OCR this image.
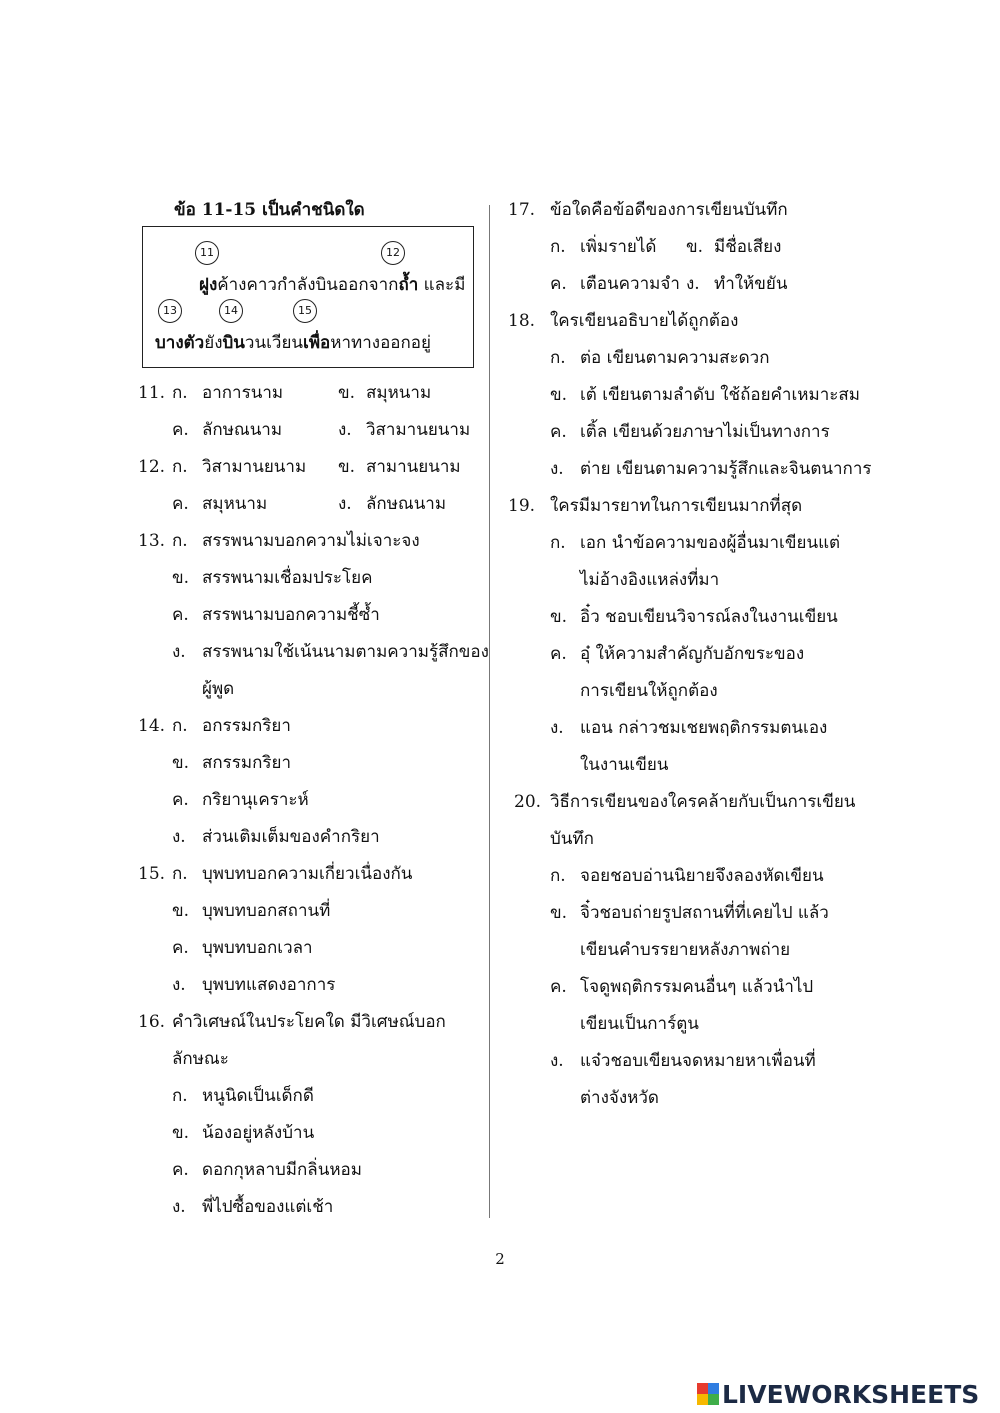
ข้อ 11-15 เป็นคำชนิดใด
11	12
ฝูงค้างคาวกำลังบินออกจากถ้ำ และมี
13	14	15
บางตัวยังบินวนเวียนเพื่อหาทางออกอยู่
11. ก. อาการนาม	ข. สมุหนาม
ค. ลักษณนาม	ง. วิสามานยนาม
12. ก. วิสามานยนาม ข. สามานยนาม
ค. สมุหนาม	ง. ลักษณนาม
13. ก. สรรพนามบอกความไม่เจาะจง
ข. สรรพนามเชื่อมประโยค
ค. สรรพนามบอกความชี้ซ้ำ
ง. สรรพนามใช้เน้นนามตามความรู้สึกของ
ผู้พูด
14. ก. อกรรมกริยา
ข. สกรรมกริยา
ค. กริยานุเคราะห์
ง. ส่วนเติมเต็มของคำกริยา
15. ก. บุพบทบอกความเกี่ยวเนื่องกัน
ข. บุพบทบอกสถานที่
ค. บุพบทบอกเวลา
ง. บุพบทแสดงอาการ
16. คำวิเศษณ์ในประโยคใด มีวิเศษณ์บอก
ลักษณะ
ก. หนูนิดเป็นเด็กดี
ข. น้องอยู่หลังบ้าน
ค. ดอกกุหลาบมีกลิ่นหอม
ง. พี่ไปซื้อของแต่เช้า
17. ข้อใดคือข้อดีของการเขียนบันทึก
ก. เพิ่มรายได้ ข. มีชื่อเสียง
ค. เตือนความจำ ง. ทำให้ขยัน
18. ใครเขียนอธิบายได้ถูกต้อง
ก. ต่อ เขียนตามความสะดวก
ข. เต้ เขียนตามลำดับ ใช้ถ้อยคำเหมาะสม
ค. เติ้ล เขียนด้วยภาษาไม่เป็นทางการ
ง. ต่าย เขียนตามความรู้สึกและจินตนาการ
19. ใครมีมารยาทในการเขียนมากที่สุด
ก. เอก นำข้อความของผู้อื่นมาเขียนแต่
ไม่อ้างอิงแหล่งที่มา
ข. อิ๋ว ชอบเขียนวิจารณ์ลงในงานเขียน
ค. อุ๋ ให้ความสำคัญกับอักขระของ
การเขียนให้ถูกต้อง
ง. แอน กล่าวชมเชยพฤติกรรมตนเอง
ในงานเขียน
20. วิธีการเขียนของใครคล้ายกับเป็นการเขียน
บันทึก
ก. จอยชอบอ่านนิยายจึงลองหัดเขียน
ข. จิ๋วชอบถ่ายรูปสถานที่ที่เคยไป แล้ว
เขียนคำบรรยายหลังภาพถ่าย
ค. โจดูพฤติกรรมคนอื่นๆ แล้วนำไป
เขียนเป็นการ์ตูน
ง. แจ๋วชอบเขียนจดหมายหาเพื่อนที่
ต่างจังหวัด
2
LIVEWORKSHEETS
